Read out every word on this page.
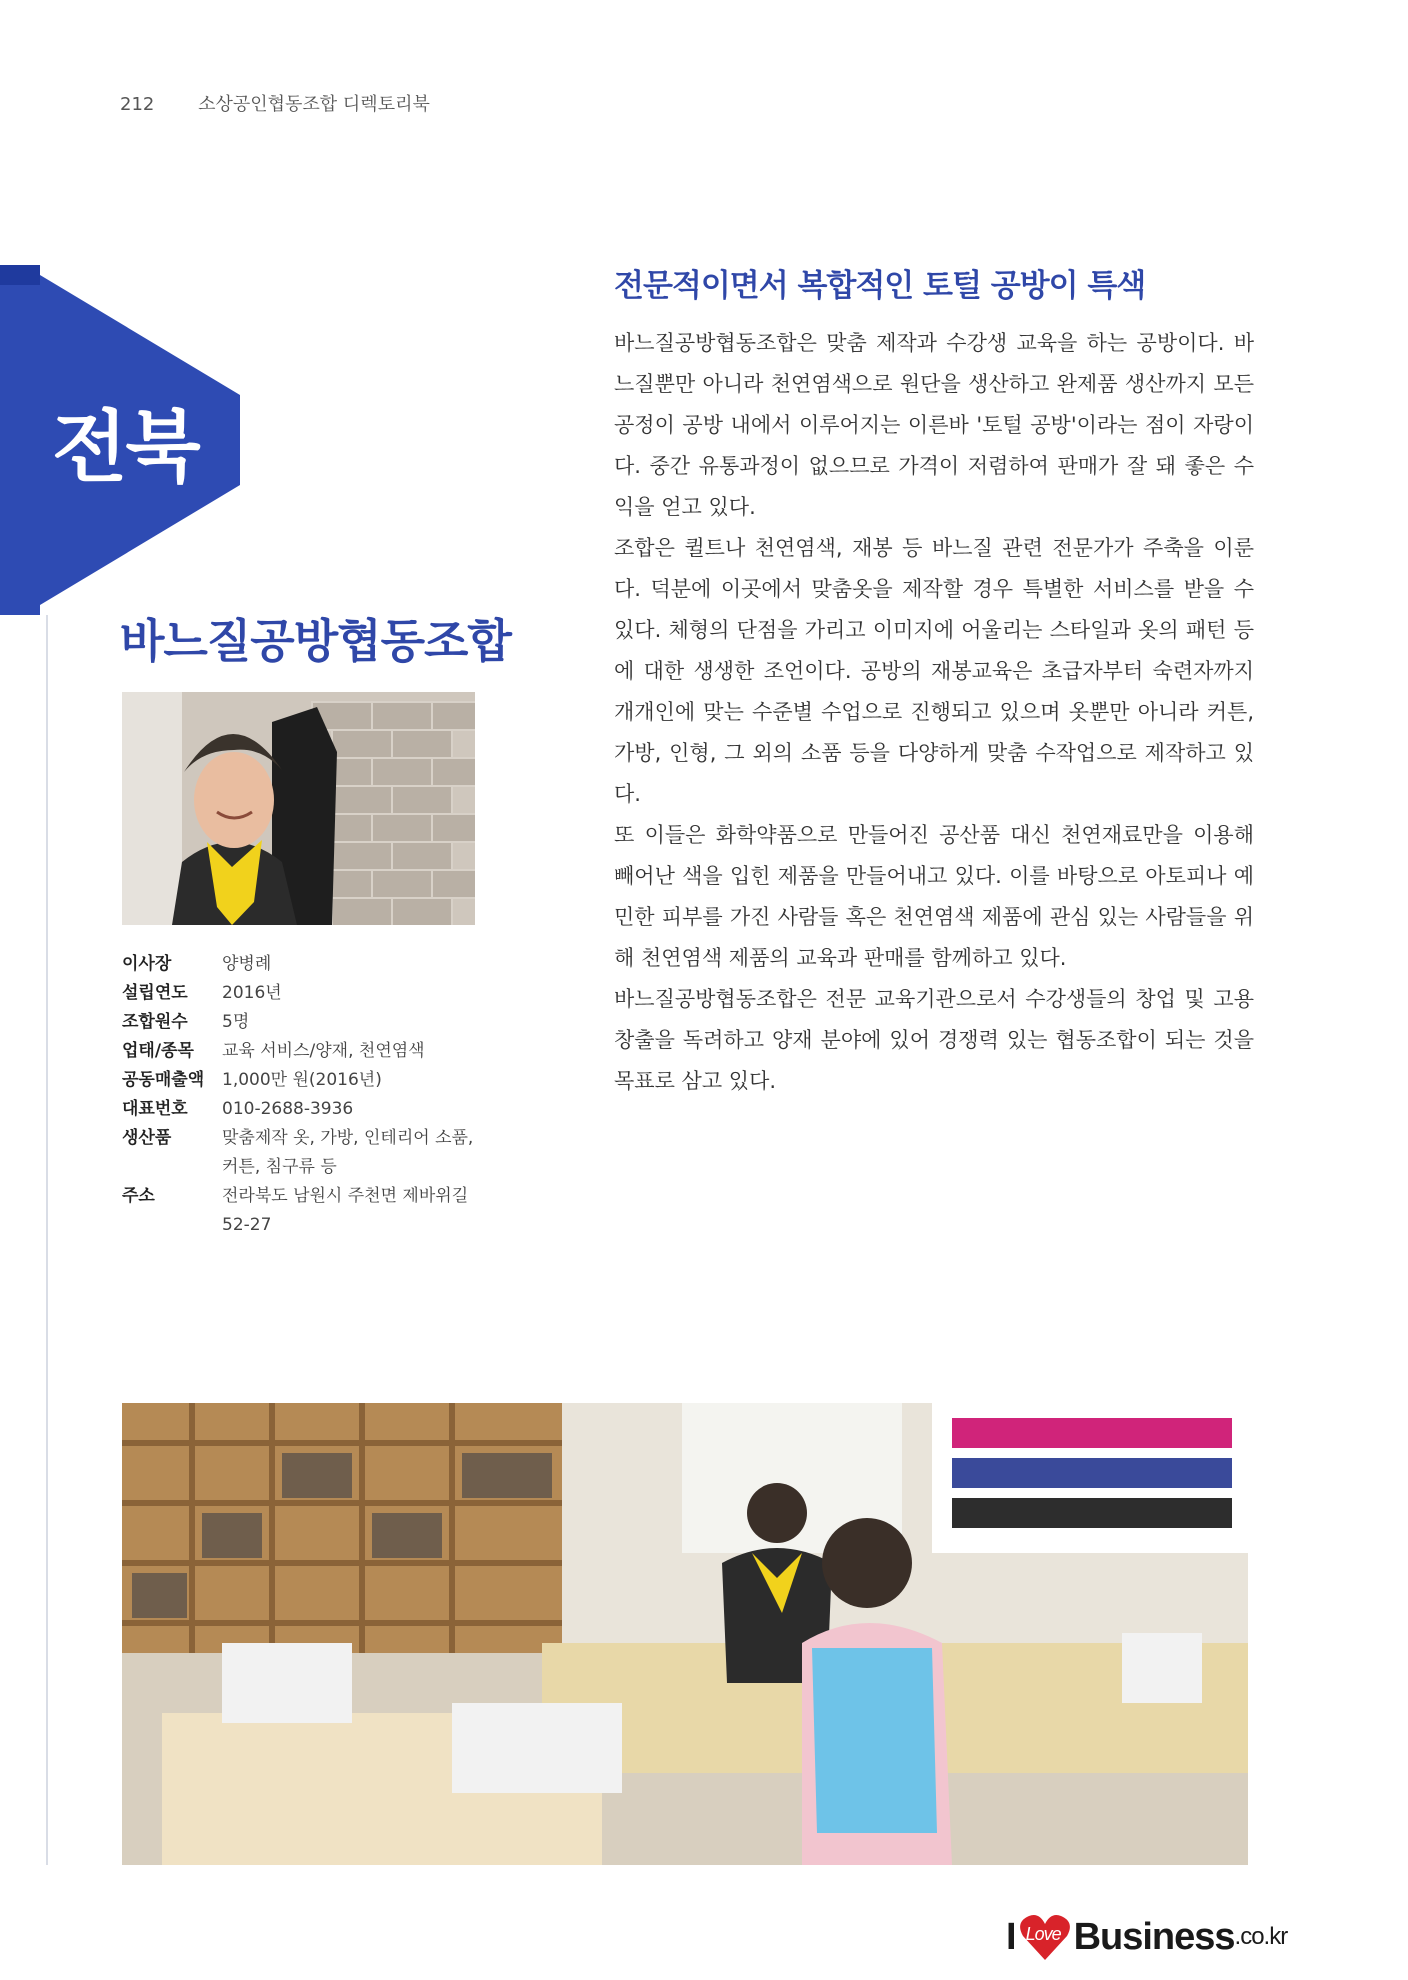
212 소상공인협동조합 디렉토리북
전북
바느질공방협동조합
이사장	양병례
설립연도	2016년
조합원수	5명
업태/종목	교육 서비스/양재, 천연염색
공동매출액	1,000만 원(2016년)
대표번호	010-2688-3936
생산품	맞춤제작 옷, 가방, 인테리어 소품, 커튼, 침구류 등
주소	전라북도 남원시 주천면 제바위길 52-27
전문적이면서 복합적인 토털 공방이 특색

바느질공방협동조합은 맞춤 제작과 수강생 교육을 하는 공방이다. 바느질뿐만 아니라 천연염색으로 원단을 생산하고 완제품 생산까지 모든 공정이 공방 내에서 이루어지는 이른바 '토털 공방'이라는 점이 자랑이다. 중간 유통과정이 없으므로 가격이 저렴하여 판매가 잘 돼 좋은 수익을 얻고 있다.

조합은 퀼트나 천연염색, 재봉 등 바느질 관련 전문가가 주축을 이룬다. 덕분에 이곳에서 맞춤옷을 제작할 경우 특별한 서비스를 받을 수 있다. 체형의 단점을 가리고 이미지에 어울리는 스타일과 옷의 패턴 등에 대한 생생한 조언이다. 공방의 재봉교육은 초급자부터 숙련자까지 개개인에 맞는 수준별 수업으로 진행되고 있으며 옷뿐만 아니라 커튼, 가방, 인형, 그 외의 소품 등을 다양하게 맞춤 수작업으로 제작하고 있다.

또 이들은 화학약품으로 만들어진 공산품 대신 천연재료만을 이용해 빼어난 색을 입힌 제품을 만들어내고 있다. 이를 바탕으로 아토피나 예민한 피부를 가진 사람들 혹은 천연염색 제품에 관심 있는 사람들을 위해 천연염색 제품의 교육과 판매를 함께하고 있다.

바느질공방협동조합은 전문 교육기관으로서 수강생들의 창업 및 고용 창출을 독려하고 양재 분야에 있어 경쟁력 있는 협동조합이 되는 것을 목표로 삼고 있다.

I Love Business .co.kr
